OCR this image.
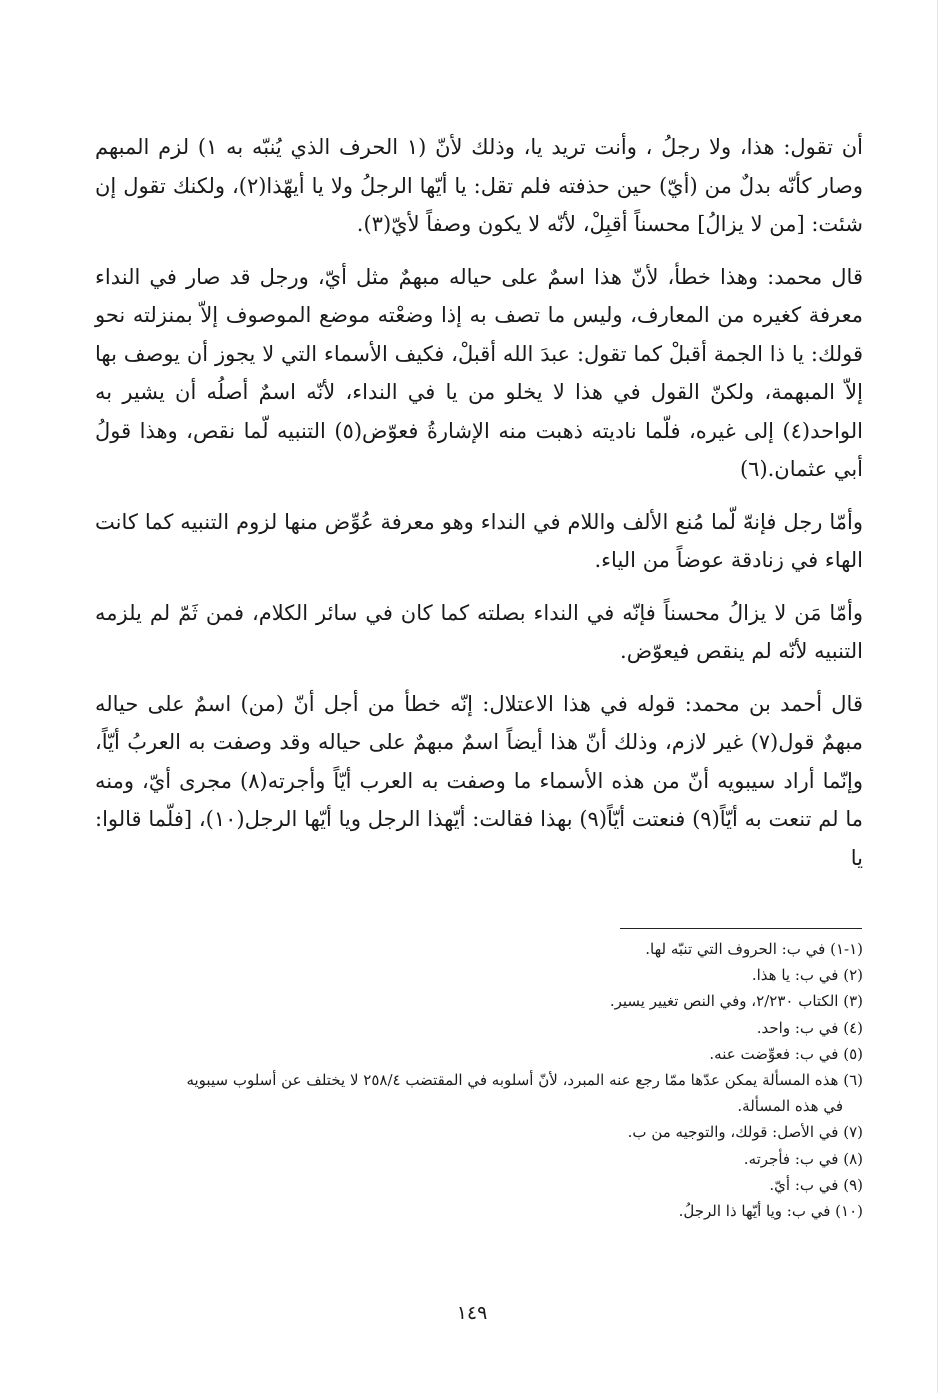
أن تقول: هذا، ولا رجلُ ، وأنت تريد يا، وذلك لأنّ (١ الحرف الذي يُنبّه به ١) لزم المبهم وصار كأنّه بدلٌ من (أيّ) حين حذفته فلم تقل: يا أيّها الرجلُ ولا يا أيهّذا(٢)، ولكنك تقول إن شئت: [من لا يزالُ] محسناً أقبِلْ، لأنّه لا يكون وصفاً لأيّ(٣).

قال محمد: وهذا خطأ، لأنّ هذا اسمٌ على حياله مبهمٌ مثل أيّ، ورجل قد صار في النداء معرفة كغيره من المعارف، وليس ما تصف به إذا وضعْته موضع الموصوف إلاّ بمنزلته نحو قولك: يا ذا الجمة أقبلْ كما تقول: عبدَ الله أقبلْ، فكيف الأسماء التي لا يجوز أن يوصف بها إلاّ المبهمة، ولكنّ القول في هذا لا يخلو من يا في النداء، لأنّه اسمٌ أصلُه أن يشير به الواحد(٤) إلى غيره، فلّما ناديته ذهبت منه الإشارةُ فعوّض(٥) التنبيه لّما نقص، وهذا قولُ أبي عثمان.(٦)

وأمّا رجل فإنهّ لّما مُنع الألف واللام في النداء وهو معرفة عُوِّض منها لزوم التنبيه كما كانت الهاء في زنادقة عوضاً من الياء.

وأمّا مَن لا يزالُ محسناً فإنّه في النداء بصلته كما كان في سائر الكلام، فمن ثَمّ لم يلزمه التنبيه لأنّه لم ينقص فيعوّض.

قال أحمد بن محمد: قوله في هذا الاعتلال: إنّه خطأ من أجل أنّ (من) اسمٌ على حياله مبهمٌ قول(٧) غير لازم، وذلك أنّ هذا أيضاً اسمٌ مبهمٌ على حياله وقد وصفت به العربُ أيّاً، وإنّما أراد سيبويه أنّ من هذه الأسماء ما وصفت به العرب أيّاً وأجرته(٨) مجرى أيّ، ومنه ما لم تنعت به أيّاً(٩) فنعتت أيّاً(٩) بهذا فقالت: أيّهذا الرجل ويا أيّها الرجل(١٠)، [فلّما قالوا: يا

(١-١) في ب: الحروف التي تنبّه لها.

(٢) في ب: يا هذا.

(٣) الكتاب ٢/٢٣٠، وفي النص تغيير يسير.

(٤) في ب: واحد.

(٥) في ب: فعوِّضت عنه.

(٦) هذه المسألة يمكن عدّها ممّا رجع عنه المبرد، لأنّ أسلوبه في المقتضب ٢٥٨/٤ لا يختلف عن أسلوب سيبويه

في هذه المسألة.

(٧) في الأصل: قولك، والتوجيه من ب.

(٨) في ب: فأجرته.

(٩) في ب: أيّ.

(١٠) في ب: ويا أيّها ذا الرجلُ.

١٤٩
